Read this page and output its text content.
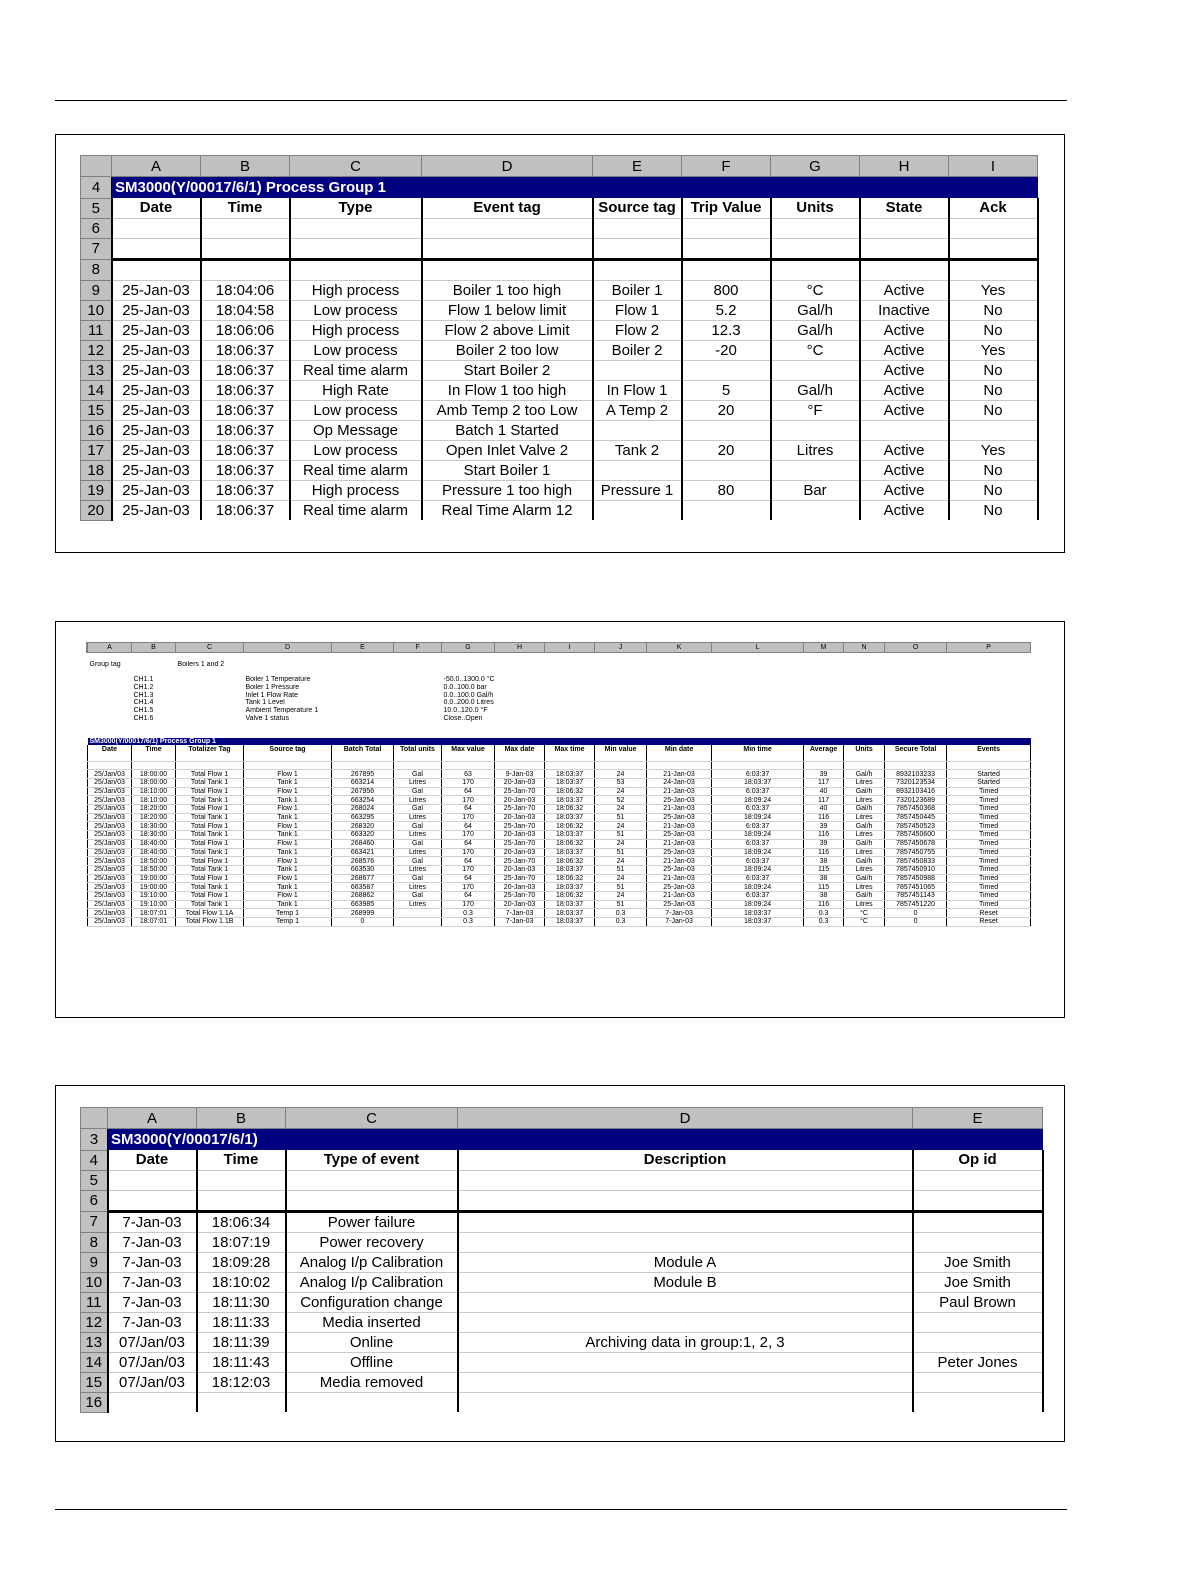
	A	B	C	D	E	F	G	H	I
4	SM3000(Y/00017/6/1) Process Group 1								
5	Date	Time	Type	Event tag	Source tag	Trip Value	Units	State	Ack
6									
7									
8									
9	25-Jan-03	18:04:06	High process	Boiler 1 too high	Boiler 1	800	°C	Active	Yes
10	25-Jan-03	18:04:58	Low process	Flow 1 below limit	Flow 1	5.2	Gal/h	Inactive	No
11	25-Jan-03	18:06:06	High process	Flow 2 above Limit	Flow 2	12.3	Gal/h	Active	No
12	25-Jan-03	18:06:37	Low process	Boiler 2 too low	Boiler 2	-20	°C	Active	Yes
13	25-Jan-03	18:06:37	Real time alarm	Start Boiler 2				Active	No
14	25-Jan-03	18:06:37	High Rate	In Flow 1 too high	In Flow 1	5	Gal/h	Active	No
15	25-Jan-03	18:06:37	Low process	Amb Temp 2 too Low	A Temp 2	20	°F	Active	No
16	25-Jan-03	18:06:37	Op Message	Batch 1 Started					
17	25-Jan-03	18:06:37	Low process	Open Inlet Valve 2	Tank 2	20	Litres	Active	Yes
18	25-Jan-03	18:06:37	Real time alarm	Start Boiler 1				Active	No
19	25-Jan-03	18:06:37	High process	Pressure 1 too high	Pressure 1	80	Bar	Active	No
20	25-Jan-03	18:06:37	Real time alarm	Real Time Alarm 12				Active	No
	A	B	C	D	E	F	G	H	I	J	K	L	M	N	O	P

	Group tag		Boilers 1 and 2													

		CH1.1		Boiler 1 Temperature			-50.0..1300.0 °C									
		CH1.2		Boiler 1 Pressure			0.0..100.0 bar									
		CH1.3		Inlet 1 Flow Rate			0.0..100.0 Gal/h									
		CH1.4		Tank 1 Level			0.0..200.0 Litres									
		CH1.5		Ambient Temperature 1			10.0..120.0 °F									
		CH1.6		Valve 1 status			Close..Open									

	SM3000(Y/00017/6/1) Process Group 1															
	Date	Time	Totalizer Tag	Source tag	Batch Total	Total units	Max value	Max date	Max time	Min value	Min date	Min time	Average	Units	Secure Total	Events

	25/Jan/03	18:00:00	Total Flow 1	Flow 1	267895	Gal	63	9-Jan-03	18:03:37	24	21-Jan-03	6:03:37	39	Gal/h	8932103233	Started
	25/Jan/03	18:00:00	Total Tank 1	Tank 1	663214	Litres	170	20-Jan-03	18:03:37	53	24-Jan-03	18:03:37	117	Litres	7320123534	Started
	25/Jan/03	18:10:00	Total Flow 1	Flow 1	267956	Gal	64	25-Jan-70	18:06:32	24	21-Jan-03	6:03:37	40	Gal/h	8932103416	Timed
	25/Jan/03	18:10:00	Total Tank 1	Tank 1	663254	Litres	170	20-Jan-03	18:03:37	52	25-Jan-03	18:09:24	117	Litres	7320123689	Timed
	25/Jan/03	18:20:00	Total Flow 1	Flow 1	268024	Gal	64	25-Jan-70	18:06:32	24	21-Jan-03	6:03:37	40	Gal/h	7857450368	Timed
	25/Jan/03	18:20:00	Total Tank 1	Tank 1	663295	Litres	170	20-Jan-03	18:03:37	51	25-Jan-03	18:09:24	116	Litres	7857450445	Timed
	25/Jan/03	18:30:00	Total Flow 1	Flow 1	268320	Gal	64	25-Jan-70	18:06:32	24	21-Jan-03	6:03:37	39	Gal/h	7857450523	Timed
	25/Jan/03	18:30:00	Total Tank 1	Tank 1	663320	Litres	170	20-Jan-03	18:03:37	51	25-Jan-03	18:09:24	116	Litres	7857450600	Timed
	25/Jan/03	18:40:00	Total Flow 1	Flow 1	268460	Gal	64	25-Jan-70	18:06:32	24	21-Jan-03	6:03:37	39	Gal/h	7857450678	Timed
	25/Jan/03	18:40:00	Total Tank 1	Tank 1	663421	Litres	170	20-Jan-03	18:03:37	51	25-Jan-03	18:09:24	116	Litres	7857450755	Timed
	25/Jan/03	18:50:00	Total Flow 1	Flow 1	268576	Gal	64	25-Jan-70	18:06:32	24	21-Jan-03	6:03:37	38	Gal/h	7857450833	Timed
	25/Jan/03	18:50:00	Total Tank 1	Tank 1	663530	Litres	170	20-Jan-03	18:03:37	51	25-Jan-03	18:09:24	115	Litres	7857450910	Timed
	25/Jan/03	19:00:00	Total Flow 1	Flow 1	268677	Gal	64	25-Jan-70	18:06:32	24	21-Jan-03	6:03:37	38	Gal/h	7857450988	Timed
	25/Jan/03	19:00:00	Total Tank 1	Tank 1	663587	Litres	170	20-Jan-03	18:03:37	51	25-Jan-03	18:09:24	115	Litres	7857451065	Timed
	25/Jan/03	19:10:00	Total Flow 1	Flow 1	268862	Gal	64	25-Jan-70	18:06:32	24	21-Jan-03	6:03:37	38	Gal/h	7857451143	Timed
	25/Jan/03	19:10:00	Total Tank 1	Tank 1	663985	Litres	170	20-Jan-03	18:03:37	51	25-Jan-03	18:09:24	116	Litres	7857451220	Timed
	25/Jan/03	18:07:01	Total Flow 1.1A	Temp 1	268999		0.3	7-Jan-03	18:03:37	0.3	7-Jan-03	18:03:37	0.3	°C	0	Reset
	25/Jan/03	18:07:01	Total Flow 1.1B	Temp 1	0		0.3	7-Jan-03	18:03:37	0.3	7-Jan-03	18:03:37	0.3	°C	0	Reset
	A	B	C	D	E
3	SM3000(Y/00017/6/1)				
4	Date	Time	Type of event	Description	Op id
5					
6					
7	7-Jan-03	18:06:34	Power failure		
8	7-Jan-03	18:07:19	Power recovery		
9	7-Jan-03	18:09:28	Analog I/p Calibration	Module A	Joe Smith
10	7-Jan-03	18:10:02	Analog I/p Calibration	Module B	Joe Smith
11	7-Jan-03	18:11:30	Configuration change		Paul Brown
12	7-Jan-03	18:11:33	Media inserted		
13	07/Jan/03	18:11:39	Online	Archiving data in group:1, 2, 3	
14	07/Jan/03	18:11:43	Offline		Peter Jones
15	07/Jan/03	18:12:03	Media removed		
16					
